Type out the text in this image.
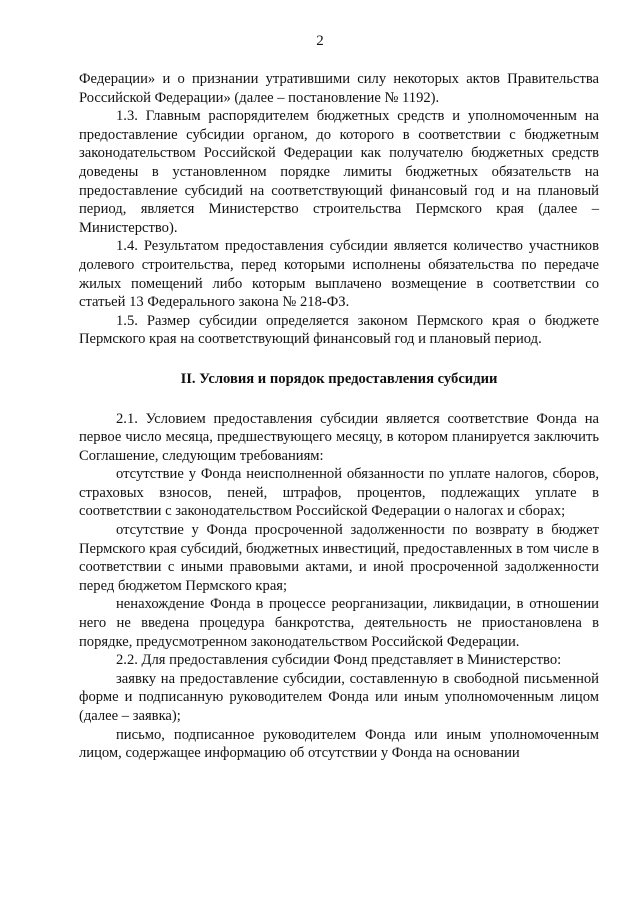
2

Федерации» и о признании утратившими силу некоторых актов Правительства Российской Федерации» (далее – постановление № 1192).

1.3. Главным распорядителем бюджетных средств и уполномоченным на предоставление субсидии органом, до которого в соответствии с бюджетным законодательством Российской Федерации как получателю бюджетных средств доведены в установленном порядке лимиты бюджетных обязательств на предоставление субсидий на соответствующий финансовый год и на плановый период, является Министерство строительства Пермского края (далее – Министерство).

1.4. Результатом предоставления субсидии является количество участников долевого строительства, перед которыми исполнены обязательства по передаче жилых помещений либо которым выплачено возмещение в соответствии со статьей 13 Федерального закона № 218-ФЗ.

1.5. Размер субсидии определяется законом Пермского края о бюджете Пермского края на соответствующий финансовый год и плановый период.

II. Условия и порядок предоставления субсидии

2.1. Условием предоставления субсидии является соответствие Фонда на первое число месяца, предшествующего месяцу, в котором планируется заключить Соглашение, следующим требованиям:

отсутствие у Фонда неисполненной обязанности по уплате налогов, сборов, страховых взносов, пеней, штрафов, процентов, подлежащих уплате в соответствии с законодательством Российской Федерации о налогах и сборах;

отсутствие у Фонда просроченной задолженности по возврату в бюджет Пермского края субсидий, бюджетных инвестиций, предоставленных в том числе в соответствии с иными правовыми актами, и иной просроченной задолженности перед бюджетом Пермского края;

ненахождение Фонда в процессе реорганизации, ликвидации, в отношении него не введена процедура банкротства, деятельность не приостановлена в порядке, предусмотренном законодательством Российской Федерации.

2.2. Для предоставления субсидии Фонд представляет в Министерство:

заявку на предоставление субсидии, составленную в свободной письменной форме и подписанную руководителем Фонда или иным уполномоченным лицом (далее – заявка);

письмо, подписанное руководителем Фонда или иным уполномоченным лицом, содержащее информацию об отсутствии у Фонда на основании
